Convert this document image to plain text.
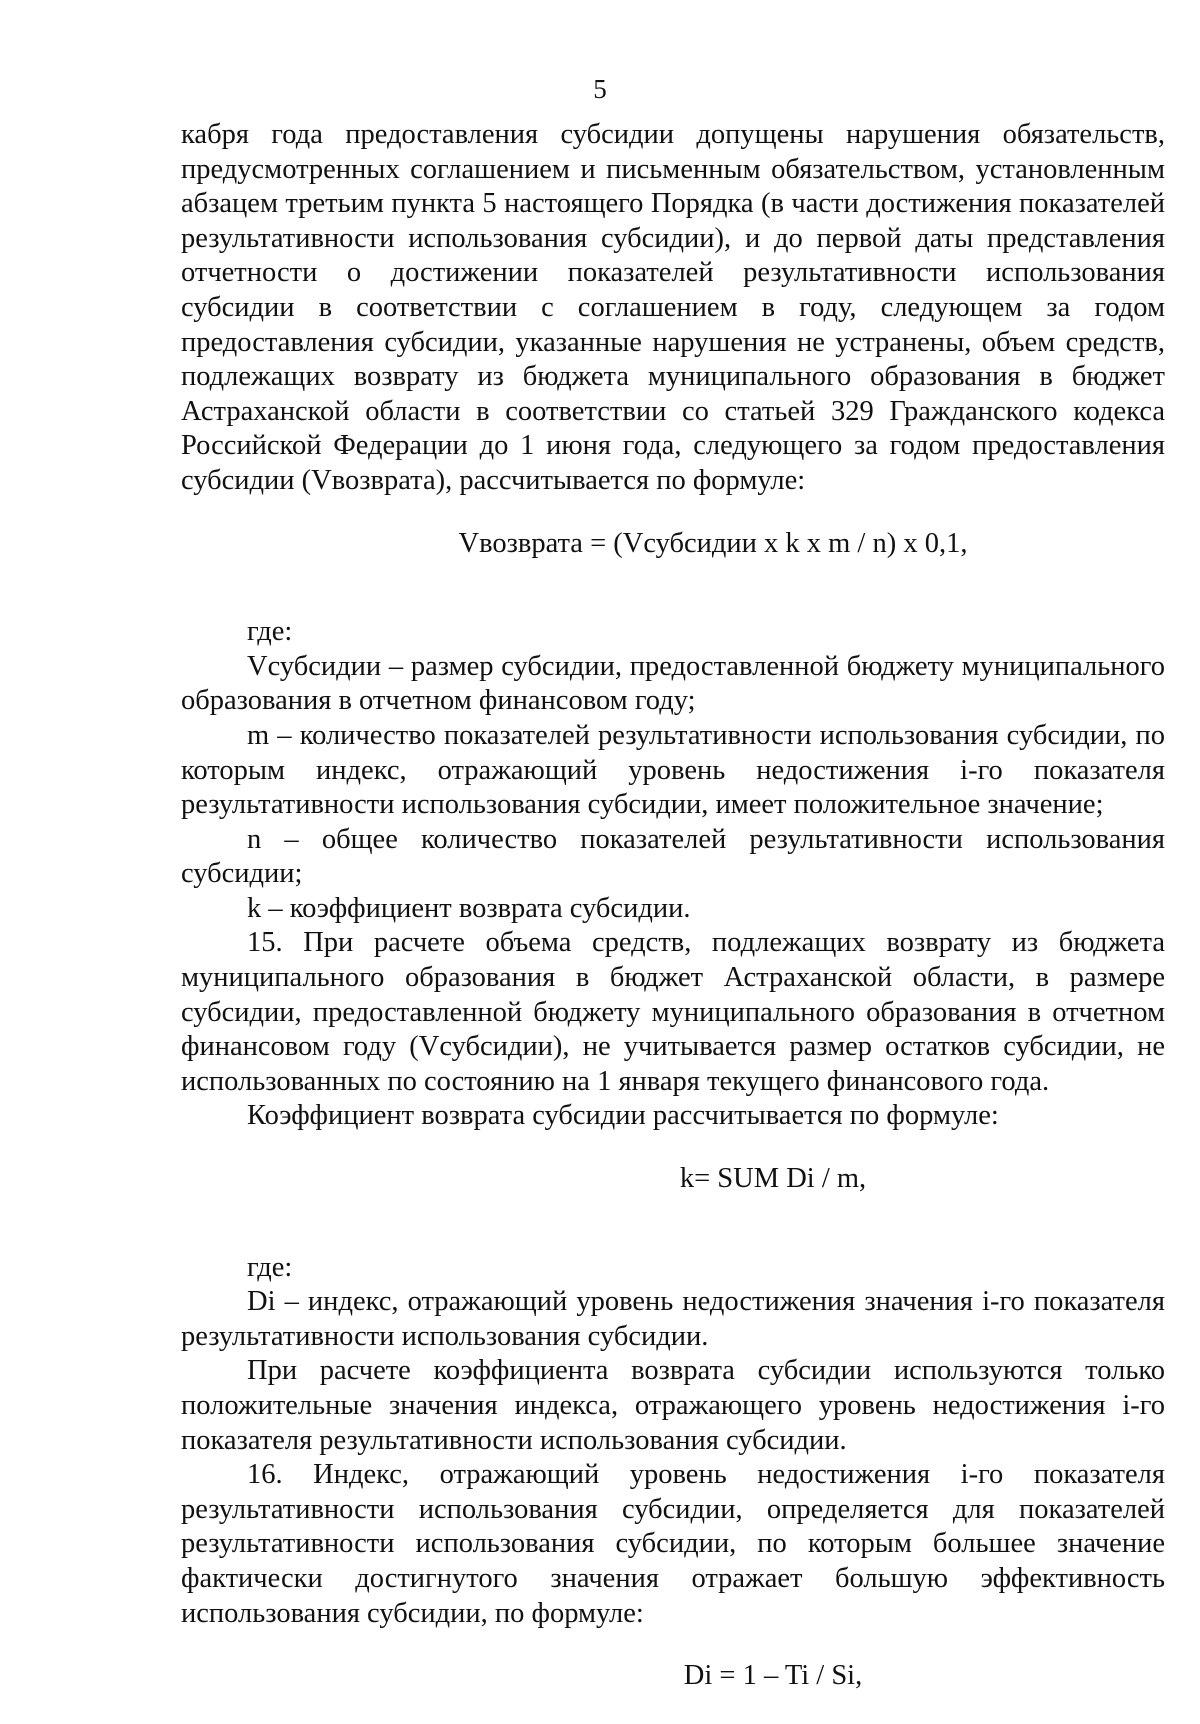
5

кабря года предоставления субсидии допущены нарушения обязательств, предусмотренных соглашением и письменным обязательством, установленным абзацем третьим пункта 5 настоящего Порядка (в части достижения показателей результативности использования субсидии), и до первой даты представления отчетности о достижении показателей результативности использования субсидии в соответствии с соглашением в году, следующем за годом предоставления субсидии, указанные нарушения не устранены, объем средств, подлежащих возврату из бюджета муниципального образования в бюджет Астраханской области в соответствии со статьей 329 Гражданского кодекса Российской Федерации до 1 июня года, следующего за годом предоставления субсидии (Vвозврата), рассчитывается по формуле:

Vвозврата = (Vсубсидии x k x m / n) x 0,1,

где:

Vсубсидии – размер субсидии, предоставленной бюджету муниципального образования в отчетном финансовом году;

m – количество показателей результативности использования субсидии, по которым индекс, отражающий уровень недостижения i-го показателя результативности использования субсидии, имеет положительное значение;

n – общее количество показателей результативности использования субсидии;

k – коэффициент возврата субсидии.

15. При расчете объема средств, подлежащих возврату из бюджета муниципального образования в бюджет Астраханской области, в размере субсидии, предоставленной бюджету муниципального образования в отчетном финансовом году (Vсубсидии), не учитывается размер остатков субсидии, не использованных по состоянию на 1 января текущего финансового года.

Коэффициент возврата субсидии рассчитывается по формуле:

k= SUM Di / m,

где:

Di – индекс, отражающий уровень недостижения значения i-го показателя результативности использования субсидии.

При расчете коэффициента возврата субсидии используются только положительные значения индекса, отражающего уровень недостижения i-го показателя результативности использования субсидии.

16. Индекс, отражающий уровень недостижения i-го показателя результативности использования субсидии, определяется для показателей результативности использования субсидии, по которым большее значение фактически достигнутого значения отражает большую эффективность использования субсидии, по формуле:

Di = 1 – Ti / Si,
